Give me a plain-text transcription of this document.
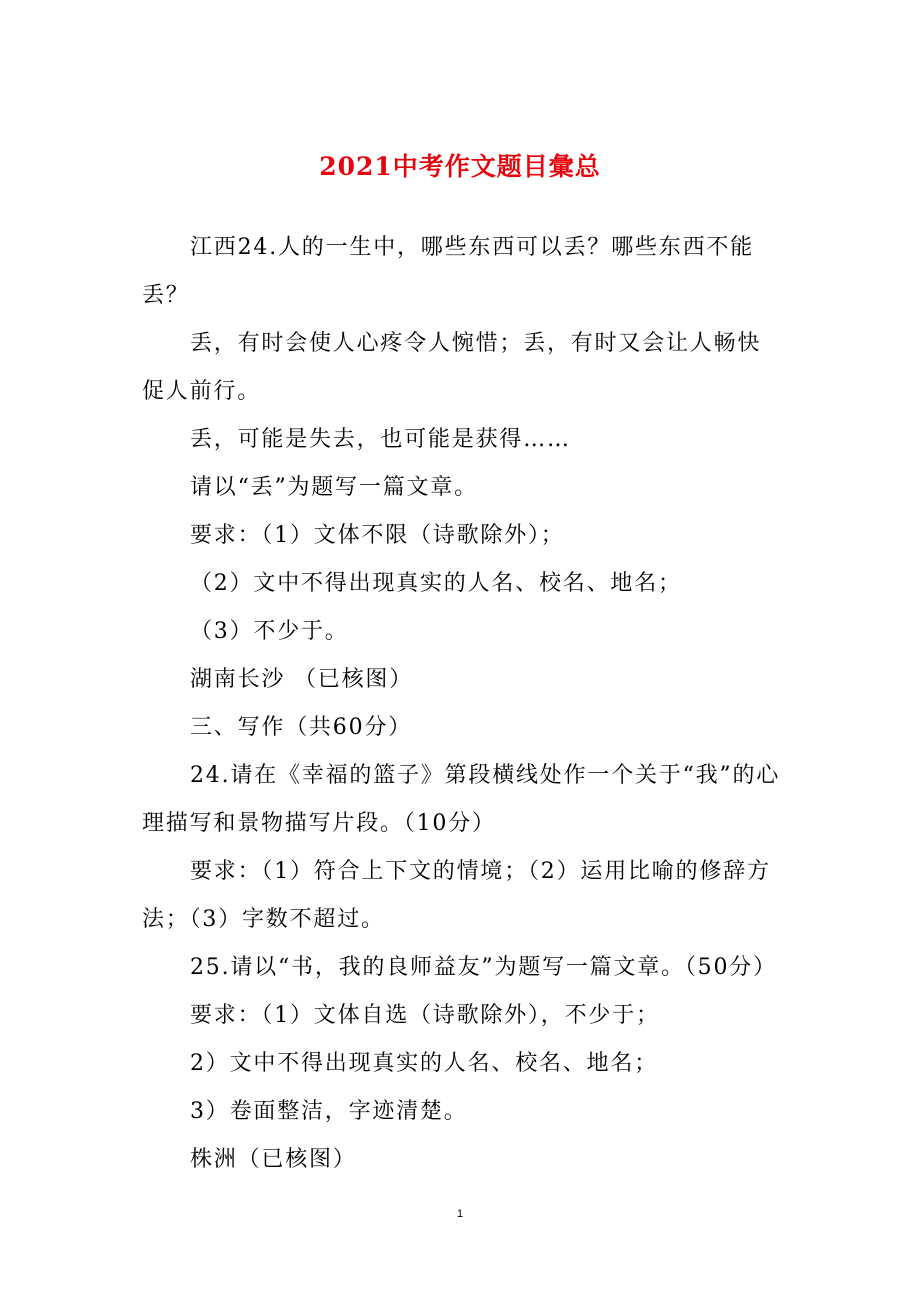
2021中考作文题目彙总

江西24.人的一生中，哪些东西可以丢？哪些东西不能丢？

丢，有时会使人心疼令人惋惜；丢，有时又会让人畅快促人前行。

丢，可能是失去，也可能是获得……

请以“丢”为题写一篇文章。

要求：（1）文体不限（诗歌除外）；

（2）文中不得出现真实的人名、校名、地名；

（3）不少于。

湖南长沙 （已核图）

三、写作（共60分）

24.请在《幸福的篮子》第段横线处作一个关于“我”的心理描写和景物描写片段。（10分）

要求：（1）符合上下文的情境；（2）运用比喻的修辞方法；（3）字数不超过。

25.请以“书，我的良师益友”为题写一篇文章。（50分）

要求：（1）文体自选（诗歌除外），不少于；

2）文中不得出现真实的人名、校名、地名；

3）卷面整洁，字迹清楚。

株洲（已核图）

1
